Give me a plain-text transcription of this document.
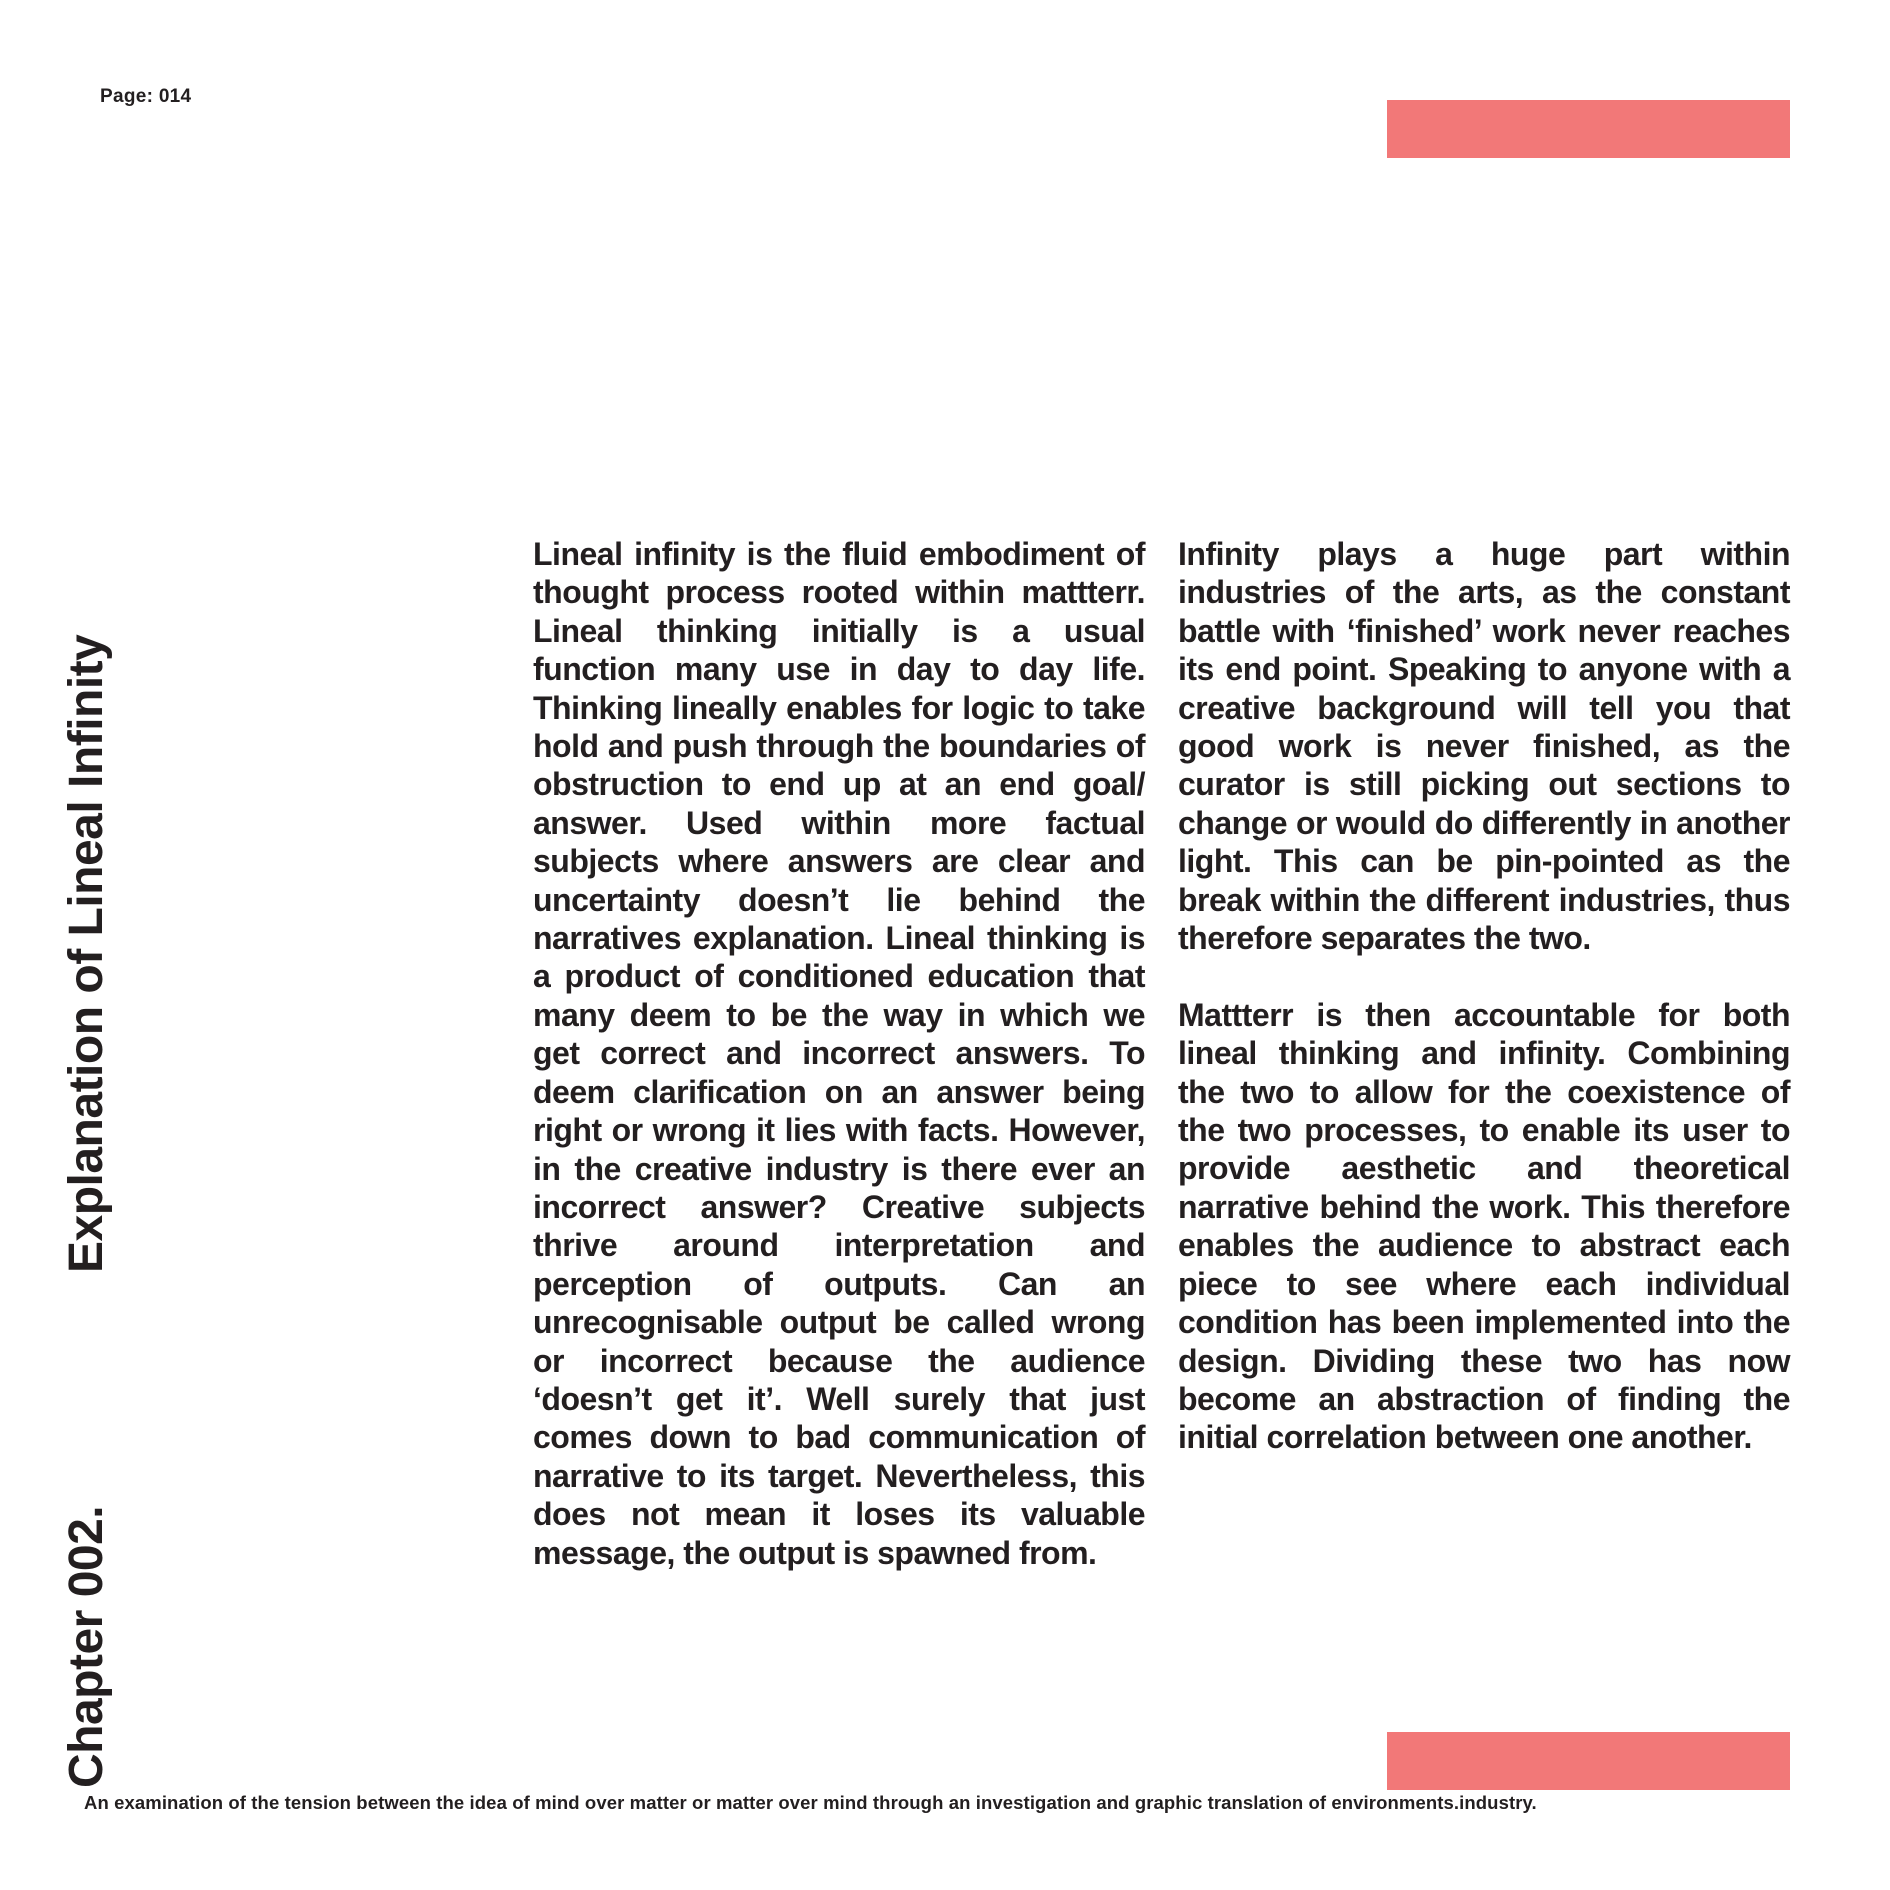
Page: 014
Explanation of Lineal Infinity
Chapter 002.

Lineal infinity is the fluid embodiment of thought process rooted within mattterr. Lineal thinking initially is a usual function many use in day to day life. Thinking lineally enables for logic to take hold and push through the boundaries of obstruction to end up at an end goal/ answer. Used within more factual subjects where answers are clear and uncertainty doesn’t lie behind the narratives explanation. Lineal thinking is a product of conditioned education that many deem to be the way in which we get correct and incorrect answers. To deem clarification on an answer being right or wrong it lies with facts. However, in the creative industry is there ever an incorrect answer? Creative subjects thrive around interpretation and perception of outputs. Can an unrecognisable output be called wrong or incorrect because the audience ‘doesn’t get it’. Well surely that just comes down to bad communication of narrative to its target. Nevertheless, this does not mean it loses its valuable message, the output is spawned from.

Infinity plays a huge part within industries of the arts, as the constant battle with ‘finished’ work never reaches its end point. Speaking to anyone with a creative background will tell you that good work is never finished, as the curator is still picking out sections to change or would do differently in another light. This can be pin-pointed as the break within the different industries, thus therefore separates the two.

Mattterr is then accountable for both lineal thinking and infinity. Combining the two to allow for the coexistence of the two processes, to enable its user to provide aesthetic and theoretical narrative behind the work. This therefore enables the audience to abstract each piece to see where each individual condition has been implemented into the design. Dividing these two has now become an abstraction of finding the initial correlation between one another.

An examination of the tension between the idea of mind over matter or matter over mind through an investigation and graphic translation of environments.industry.
